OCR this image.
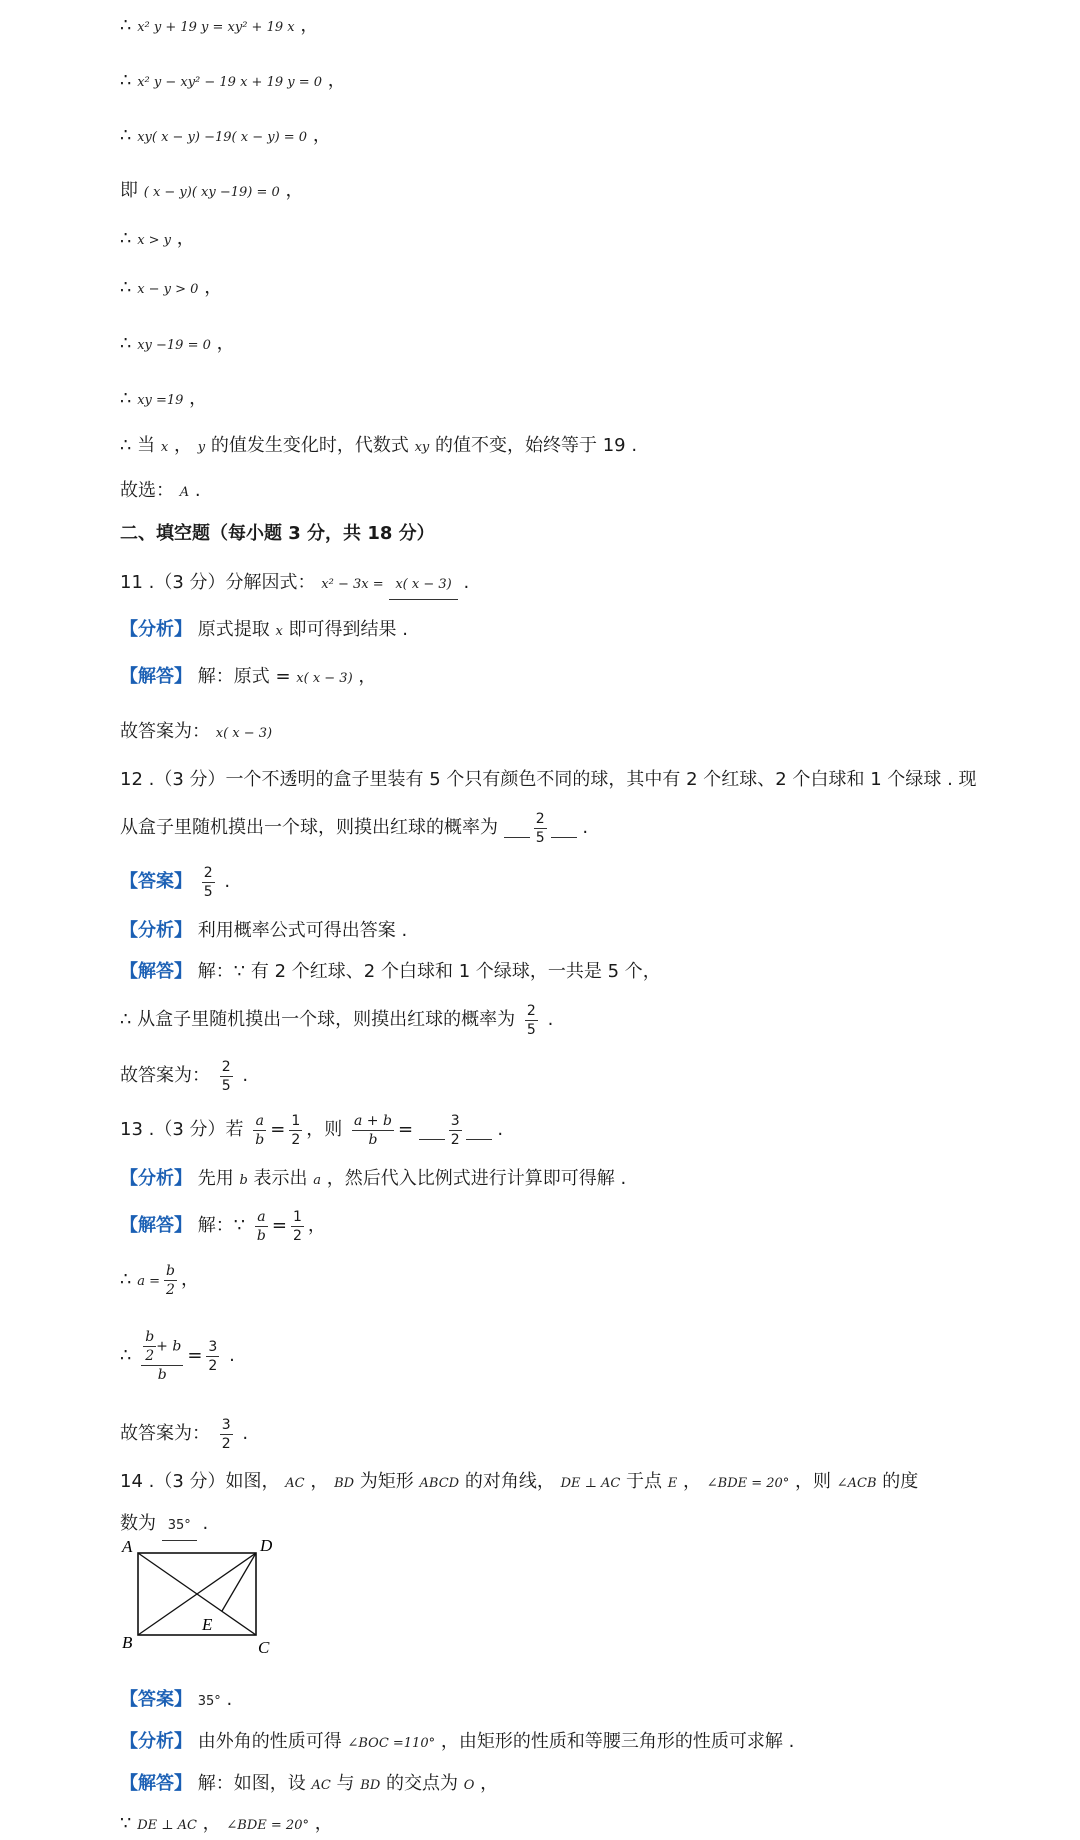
∴ x² y + 19 y = xy² + 19 x ，
∴ x² y − xy² − 19 x + 19 y = 0 ，
∴ xy( x − y) −19( x − y) = 0 ，
即 ( x − y)( xy −19) = 0 ，
∴ x > y ，
∴ x − y > 0 ，
∴ xy −19 = 0 ，
∴ xy =19 ，
∴ 当 x ， y 的值发生变化时，代数式 xy 的值不变，始终等于 19 .
故选： A .
二、填空题（每小题 3 分，共 18 分）
11 .（3 分）分解因式： x² − 3x = x( x − 3) .
【分析】 原式提取 x 即可得到结果 .
【解答】 解：原式 = x( x − 3) ，
故答案为： x( x − 3)
12 .（3 分）一个不透明的盒子里装有 5 个只有颜色不同的球，其中有 2 个红球、2 个白球和 1 个绿球 . 现
从盒子里随机摸出一个球，则摸出红球的概率为	$\frac{2}{5}$ .
【答案】 $\frac{2}{5}$ .
【分析】 利用概率公式可得出答案 .
【解答】 解：∵ 有 2 个红球、2 个白球和 1 个绿球，一共是 5 个，
∴ 从盒子里随机摸出一个球，则摸出红球的概率为 $\frac{2}{5}$ .
故答案为： $\frac{2}{5}$ .
13 .（3 分）若 $\frac{a}{b} = \frac{1}{2}$ ，则 $\frac{a + b}{b}$ =	$\frac{3}{2}$ .
【分析】 先用 b 表示出 a ，然后代入比例式进行计算即可得解 .
【解答】 解：∵ $\frac{a}{b} = \frac{1}{2}$ ，
∴ $a = \frac{b}{2}$ ，
∴ $\frac{\frac{b}{2} + b}{b} = \frac{3}{2}$ .
故答案为： $\frac{3}{2}$ .
14 .（3 分）如图， AC ， BD 为矩形 ABCD 的对角线， DE ⊥ AC 于点 E ， ∠BDE = 20° ，则 ∠ACB 的度
数为 35° .
A	D
B	C
E
【答案】 35° .
【分析】 由外角的性质可得 ∠BOC =110° ，由矩形的性质和等腰三角形的性质可求解 .
【解答】 解：如图，设 AC 与 BD 的交点为 O ，
∵ DE ⊥ AC ， ∠BDE = 20° ，
